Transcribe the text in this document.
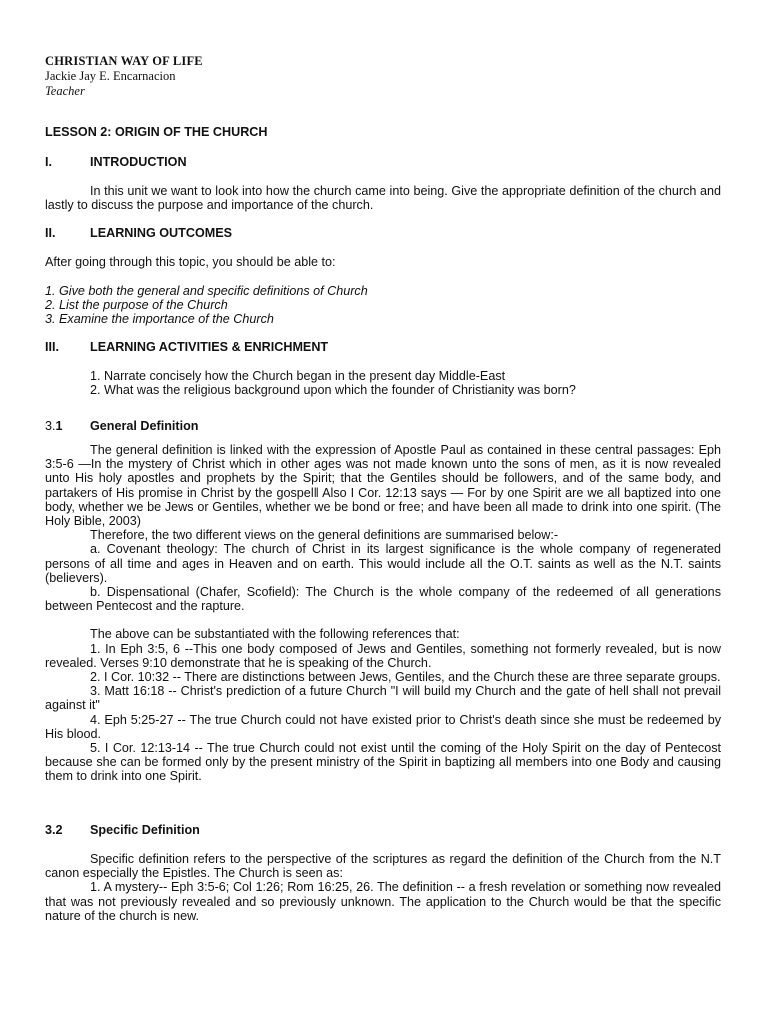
CHRISTIAN WAY OF LIFE
Jackie Jay E. Encarnacion
Teacher
LESSON 2: ORIGIN OF THE CHURCH
I.	INTRODUCTION

In this unit we want to look into how the church came into being. Give the appropriate definition of the church and lastly to discuss the purpose and importance of the church.

II.	LEARNING OUTCOMES

After going through this topic, you should be able to:

1. Give both the general and specific definitions of Church
2. List the purpose of the Church
3. Examine the importance of the Church
III.	LEARNING ACTIVITIES & ENRICHMENT
1. Narrate concisely how the Church began in the present day Middle-East
2. What was the religious background upon which the founder of Christianity was born?
3.1	General Definition

The general definition is linked with the expression of Apostle Paul as contained in these central passages: Eph 3:5-6 —In the mystery of Christ which in other ages was not made known unto the sons of men, as it is now revealed unto His holy apostles and prophets by the Spirit; that the Gentiles should be followers, and of the same body, and partakers of His promise in Christ by the gospel‖ Also I Cor. 12:13 says — For by one Spirit are we all baptized into one body, whether we be Jews or Gentiles, whether we be bond or free; and have been all made to drink into one spirit. (The Holy Bible, 2003)

Therefore, the two different views on the general definitions are summarised below:-

a. Covenant theology: The church of Christ in its largest significance is the whole company of regenerated persons of all time and ages in Heaven and on earth. This would include all the O.T. saints as well as the N.T. saints (believers).

b. Dispensational (Chafer, Scofield): The Church is the whole company of the redeemed of all generations between Pentecost and the rapture.

The above can be substantiated with the following references that:

1. In Eph 3:5, 6 --This one body composed of Jews and Gentiles, something not formerly revealed, but is now revealed. Verses 9:10 demonstrate that he is speaking of the Church.

2. I Cor. 10:32 -- There are distinctions between Jews, Gentiles, and the Church these are three separate groups.

3. Matt 16:18 -- Christ's prediction of a future Church "I will build my Church and the gate of hell shall not prevail against it"

4. Eph 5:25-27 -- The true Church could not have existed prior to Christ's death since she must be redeemed by His blood.

5. I Cor. 12:13-14 -- The true Church could not exist until the coming of the Holy Spirit on the day of Pentecost because she can be formed only by the present ministry of the Spirit in baptizing all members into one Body and causing them to drink into one Spirit.

3.2	Specific Definition

Specific definition refers to the perspective of the scriptures as regard the definition of the Church from the N.T canon especially the Epistles. The Church is seen as:

1. A mystery-- Eph 3:5-6; Col 1:26; Rom 16:25, 26. The definition -- a fresh revelation or something now revealed that was not previously revealed and so previously unknown. The application to the Church would be that the specific nature of the church is new.
